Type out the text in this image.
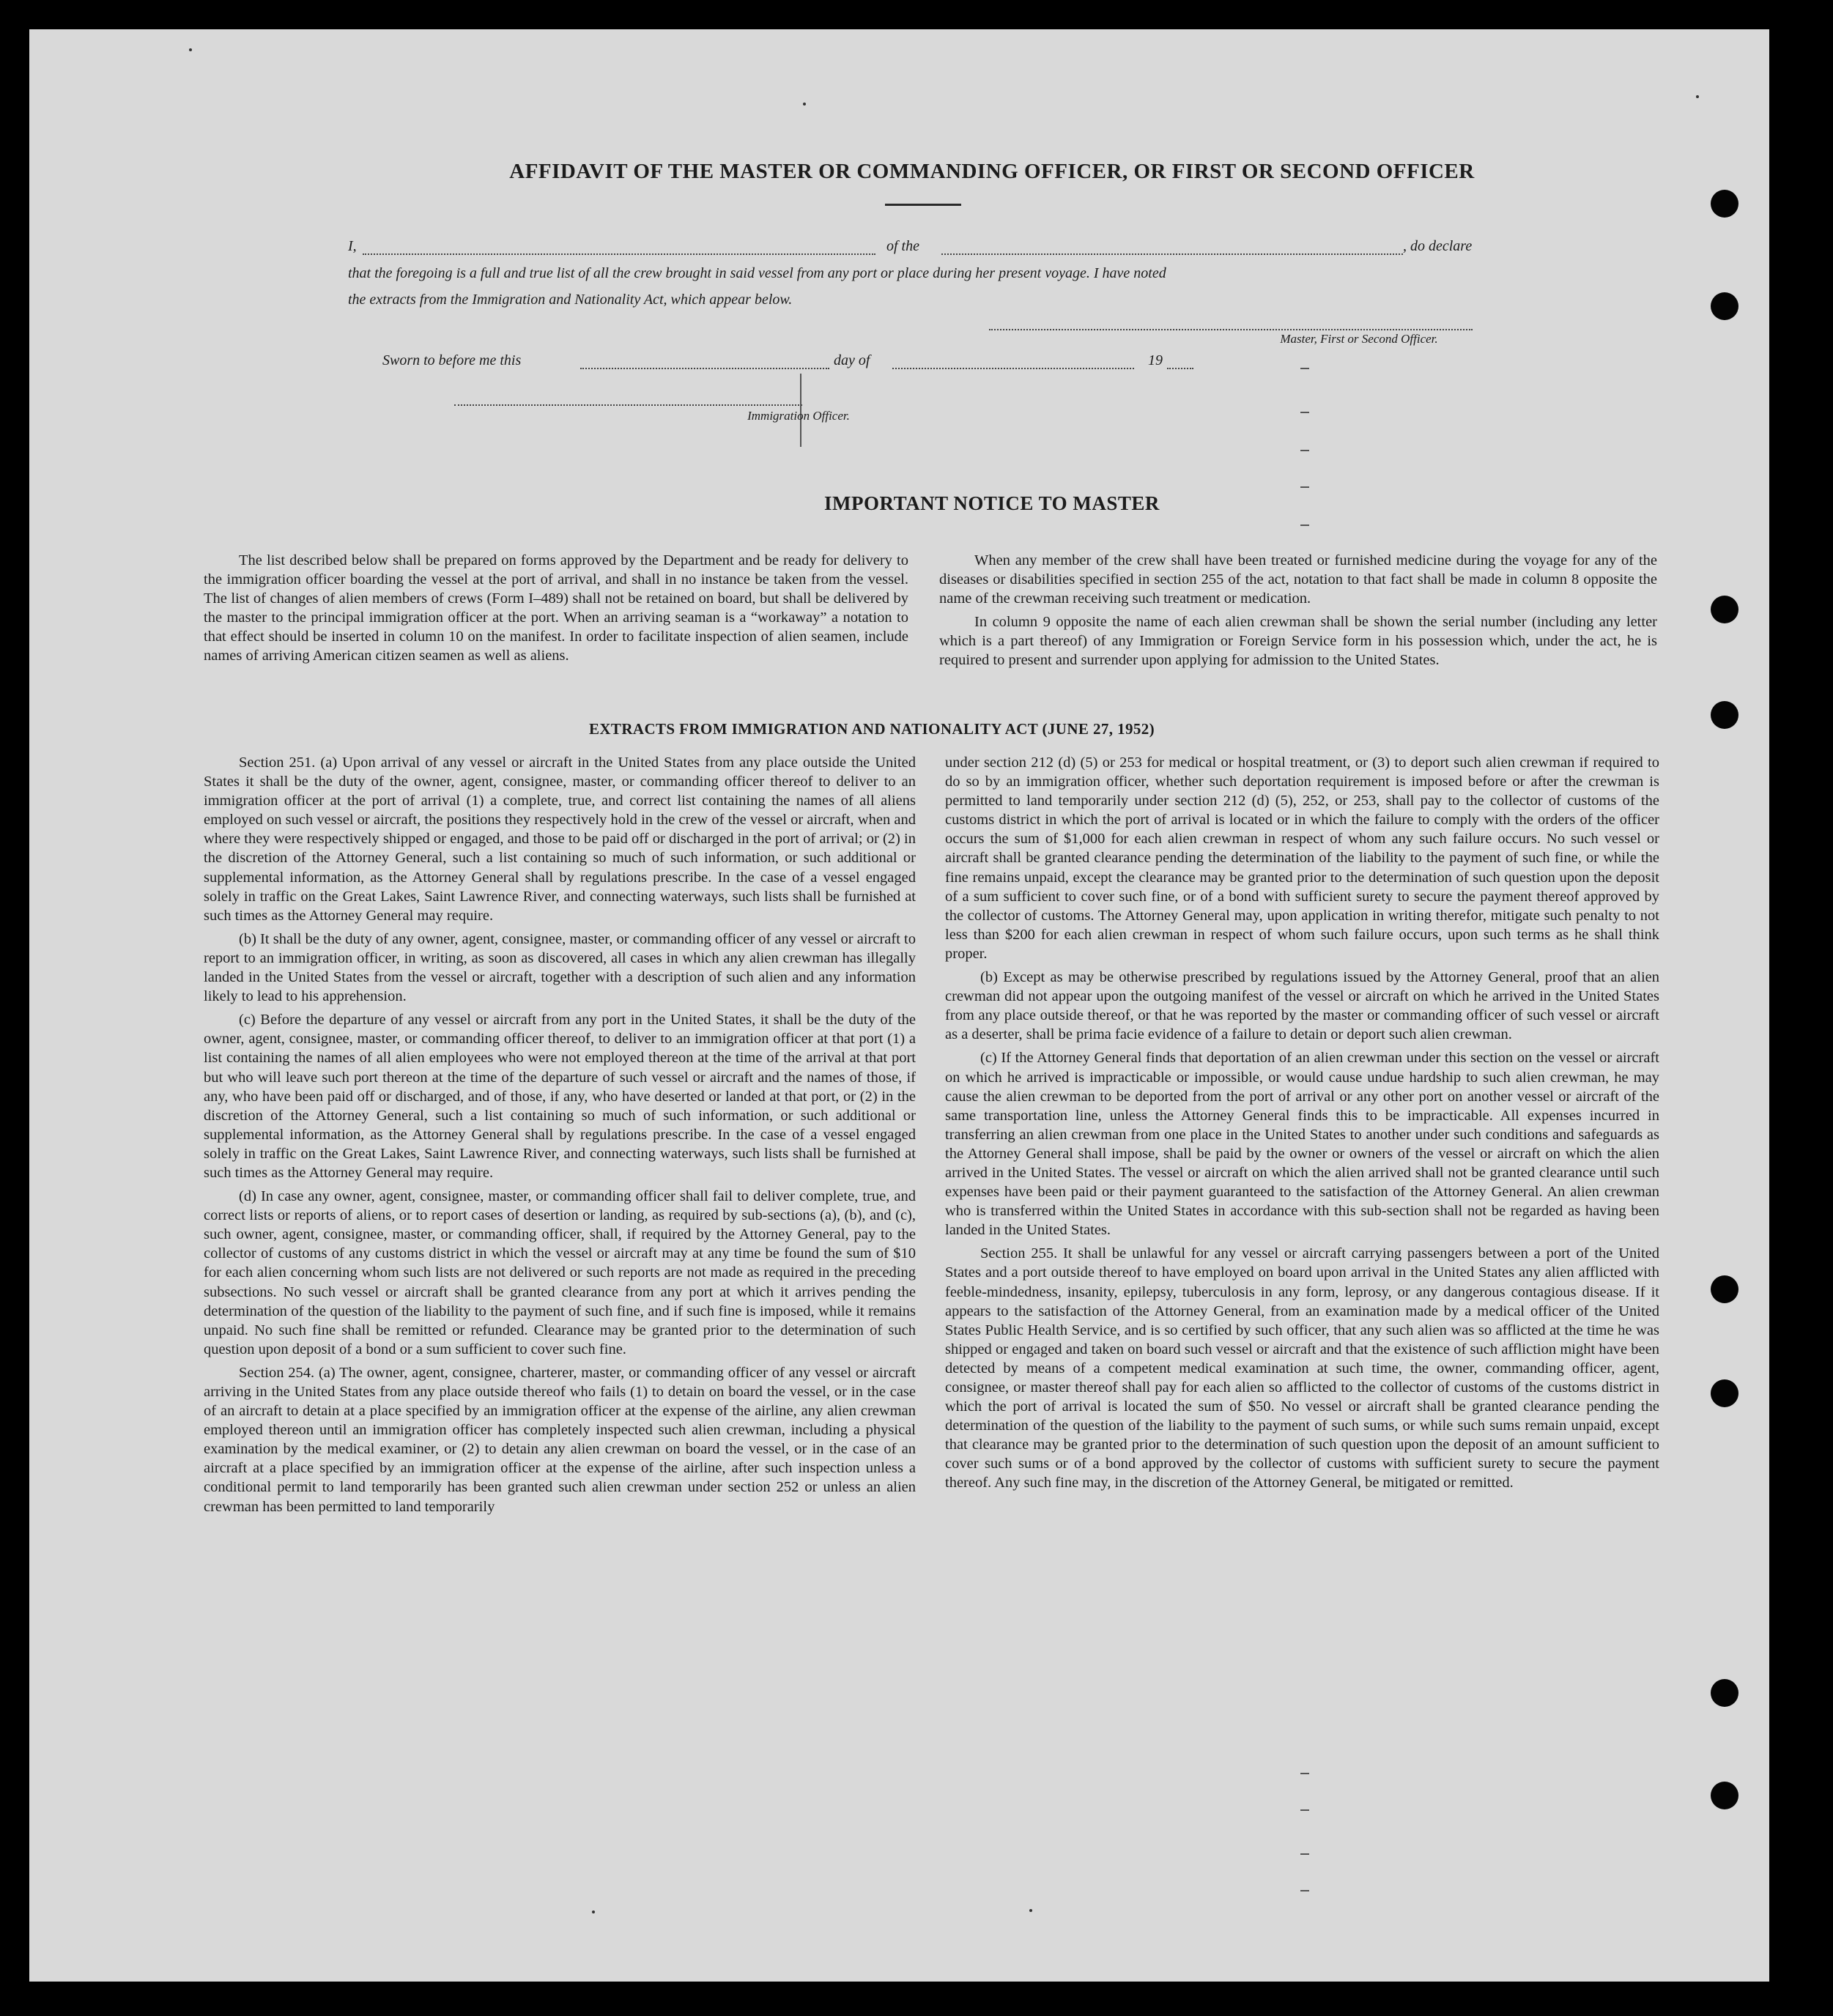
AFFIDAVIT OF THE MASTER OR COMMANDING OFFICER, OR FIRST OR SECOND OFFICER
I,	of the	, do declare
that the foregoing is a full and true list of all the crew brought in said vessel from any port or place during her present voyage. I have noted
the extracts from the Immigration and Nationality Act, which appear below.
Master, First or Second Officer.
Sworn to before me this	day of	19
Immigration Officer.
IMPORTANT NOTICE TO MASTER

The list described below shall be prepared on forms approved by the Department and be ready for delivery to the immigration officer boarding the vessel at the port of arrival, and shall in no instance be taken from the vessel. The list of changes of alien members of crews (Form I–489) shall not be retained on board, but shall be delivered by the master to the principal immigration officer at the port. When an arriving seaman is a “workaway” a notation to that effect should be inserted in column 10 on the manifest. In order to facilitate inspection of alien seamen, include names of arriving American citizen seamen as well as aliens.

When any member of the crew shall have been treated or furnished medicine during the voyage for any of the diseases or disabilities specified in section 255 of the act, notation to that fact shall be made in column 8 opposite the name of the crewman receiving such treatment or medication.

In column 9 opposite the name of each alien crewman shall be shown the serial number (including any letter which is a part thereof) of any Immigration or Foreign Service form in his possession which, under the act, he is required to present and surrender upon applying for admission to the United States.

EXTRACTS FROM IMMIGRATION AND NATIONALITY ACT (JUNE 27, 1952)

Section 251. (a) Upon arrival of any vessel or aircraft in the United States from any place outside the United States it shall be the duty of the owner, agent, consignee, master, or commanding officer thereof to deliver to an immigration officer at the port of arrival (1) a complete, true, and correct list containing the names of all aliens employed on such vessel or aircraft, the positions they respectively hold in the crew of the vessel or aircraft, when and where they were respectively shipped or engaged, and those to be paid off or discharged in the port of arrival; or (2) in the discretion of the Attorney General, such a list containing so much of such information, or such additional or supplemental information, as the Attorney General shall by regulations prescribe. In the case of a vessel engaged solely in traffic on the Great Lakes, Saint Lawrence River, and connecting waterways, such lists shall be furnished at such times as the Attorney General may require.

(b) It shall be the duty of any owner, agent, consignee, master, or commanding officer of any vessel or aircraft to report to an immigration officer, in writing, as soon as discovered, all cases in which any alien crewman has illegally landed in the United States from the vessel or aircraft, together with a description of such alien and any information likely to lead to his apprehension.

(c) Before the departure of any vessel or aircraft from any port in the United States, it shall be the duty of the owner, agent, consignee, master, or commanding officer thereof, to deliver to an immigration officer at that port (1) a list containing the names of all alien employees who were not employed thereon at the time of the arrival at that port but who will leave such port thereon at the time of the departure of such vessel or aircraft and the names of those, if any, who have been paid off or discharged, and of those, if any, who have deserted or landed at that port, or (2) in the discretion of the Attorney General, such a list containing so much of such information, or such additional or supplemental information, as the Attorney General shall by regulations prescribe. In the case of a vessel engaged solely in traffic on the Great Lakes, Saint Lawrence River, and connecting waterways, such lists shall be furnished at such times as the Attorney General may require.

(d) In case any owner, agent, consignee, master, or commanding officer shall fail to deliver complete, true, and correct lists or reports of aliens, or to report cases of desertion or landing, as required by sub-sections (a), (b), and (c), such owner, agent, consignee, master, or commanding officer, shall, if required by the Attorney General, pay to the collector of customs of any customs district in which the vessel or aircraft may at any time be found the sum of $10 for each alien concerning whom such lists are not delivered or such reports are not made as required in the preceding subsections. No such vessel or aircraft shall be granted clearance from any port at which it arrives pending the determination of the question of the liability to the payment of such fine, and if such fine is imposed, while it remains unpaid. No such fine shall be remitted or refunded. Clearance may be granted prior to the determination of such question upon deposit of a bond or a sum sufficient to cover such fine.

Section 254. (a) The owner, agent, consignee, charterer, master, or commanding officer of any vessel or aircraft arriving in the United States from any place outside thereof who fails (1) to detain on board the vessel, or in the case of an aircraft to detain at a place specified by an immigration officer at the expense of the airline, any alien crewman employed thereon until an immigration officer has completely inspected such alien crewman, including a physical examination by the medical examiner, or (2) to detain any alien crewman on board the vessel, or in the case of an aircraft at a place specified by an immigration officer at the expense of the airline, after such inspection unless a conditional permit to land temporarily has been granted such alien crewman under section 252 or unless an alien crewman has been permitted to land temporarily

under section 212 (d) (5) or 253 for medical or hospital treatment, or (3) to deport such alien crewman if required to do so by an immigration officer, whether such deportation requirement is imposed before or after the crewman is permitted to land temporarily under section 212 (d) (5), 252, or 253, shall pay to the collector of customs of the customs district in which the port of arrival is located or in which the failure to comply with the orders of the officer occurs the sum of $1,000 for each alien crewman in respect of whom any such failure occurs. No such vessel or aircraft shall be granted clearance pending the determination of the liability to the payment of such fine, or while the fine remains unpaid, except the clearance may be granted prior to the determination of such question upon the deposit of a sum sufficient to cover such fine, or of a bond with sufficient surety to secure the payment thereof approved by the collector of customs. The Attorney General may, upon application in writing therefor, mitigate such penalty to not less than $200 for each alien crewman in respect of whom such failure occurs, upon such terms as he shall think proper.

(b) Except as may be otherwise prescribed by regulations issued by the Attorney General, proof that an alien crewman did not appear upon the outgoing manifest of the vessel or aircraft on which he arrived in the United States from any place outside thereof, or that he was reported by the master or commanding officer of such vessel or aircraft as a deserter, shall be prima facie evidence of a failure to detain or deport such alien crewman.

(c) If the Attorney General finds that deportation of an alien crewman under this section on the vessel or aircraft on which he arrived is impracticable or impossible, or would cause undue hardship to such alien crewman, he may cause the alien crewman to be deported from the port of arrival or any other port on another vessel or aircraft of the same transportation line, unless the Attorney General finds this to be impracticable. All expenses incurred in transferring an alien crewman from one place in the United States to another under such conditions and safeguards as the Attorney General shall impose, shall be paid by the owner or owners of the vessel or aircraft on which the alien arrived in the United States. The vessel or aircraft on which the alien arrived shall not be granted clearance until such expenses have been paid or their payment guaranteed to the satisfaction of the Attorney General. An alien crewman who is transferred within the United States in accordance with this sub-section shall not be regarded as having been landed in the United States.

Section 255. It shall be unlawful for any vessel or aircraft carrying passengers between a port of the United States and a port outside thereof to have employed on board upon arrival in the United States any alien afflicted with feeble-mindedness, insanity, epilepsy, tuberculosis in any form, leprosy, or any dangerous contagious disease. If it appears to the satisfaction of the Attorney General, from an examination made by a medical officer of the United States Public Health Service, and is so certified by such officer, that any such alien was so afflicted at the time he was shipped or engaged and taken on board such vessel or aircraft and that the existence of such affliction might have been detected by means of a competent medical examination at such time, the owner, commanding officer, agent, consignee, or master thereof shall pay for each alien so afflicted to the collector of customs of the customs district in which the port of arrival is located the sum of $50. No vessel or aircraft shall be granted clearance pending the determination of the question of the liability to the payment of such sums, or while such sums remain unpaid, except that clearance may be granted prior to the determination of such question upon the deposit of an amount sufficient to cover such sums or of a bond approved by the collector of customs with sufficient surety to secure the payment thereof. Any such fine may, in the discretion of the Attorney General, be mitigated or remitted.
